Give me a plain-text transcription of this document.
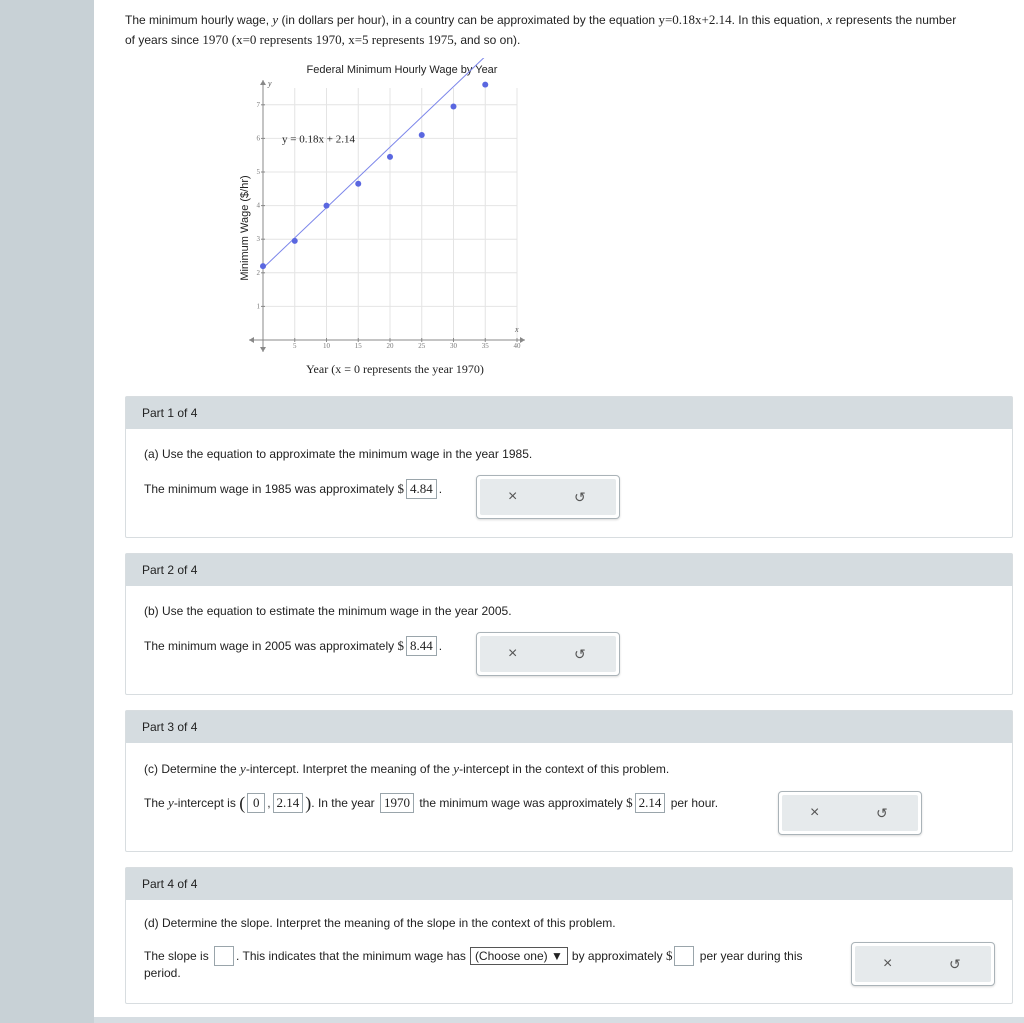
The minimum hourly wage, y (in dollars per hour), in a country can be approximated by the equation y=0.18x+2.14. In this equation, x represents the number
of years since 1970 (x=0 represents 1970, x=5 represents 1975, and so on).
Federal Minimum Hourly Wage by Year
x
y
5	10	15	20	25	30	35	40
1
2
3
4
5
6
7
y = 0.18x + 2.14
Minimum Wage ($/hr)
Year (x = 0 represents the year 1970)
Part 1 of 4
(a) Use the equation to approximate the minimum wage in the year 1985.
The minimum wage in 1985 was approximately
$ 4.84 .	×	↺
Part 2 of 4
(b) Use the equation to estimate the minimum wage in the year 2005.
The minimum wage in 2005 was approximately
$ 8.44 .	×	↺
Part 3 of 4
(c) Determine the y-intercept. Interpret the meaning of the y-intercept in the context of this problem.
The
y -intercept is
( 0 , 2.14 ) . In the year
1970
the minimum wage was approximately
$ 2.14
per hour.
×	↺
Part 4 of 4
(d) Determine the slope. Interpret the meaning of the slope in the context of this problem.
The slope is
. This indicates that the minimum wage has (Choose one) ▼ by approximately
$
per year during this
period.
×	↺
